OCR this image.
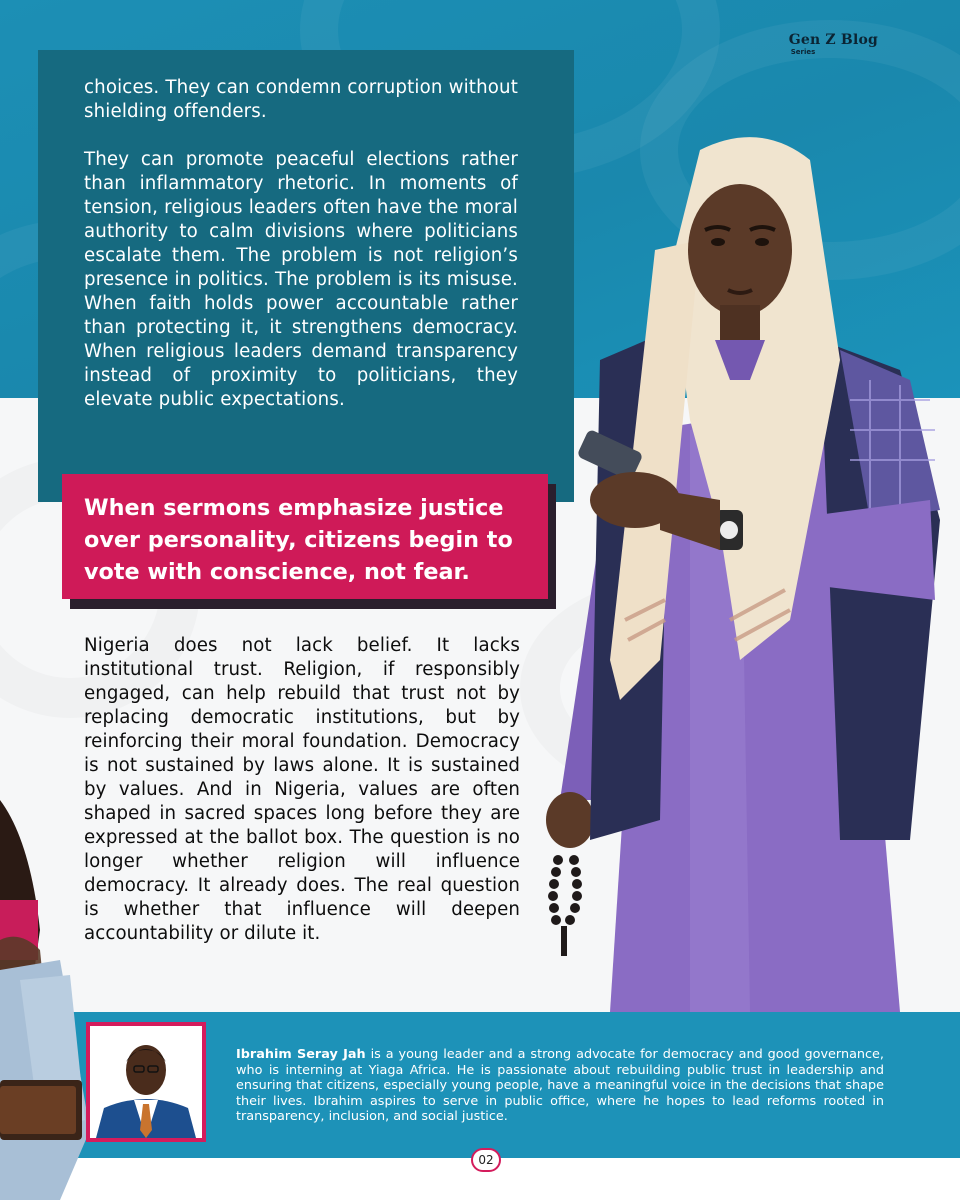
Gen Z Blog
Series

choices. They can condemn corruption without shielding offenders.

They can promote peaceful elections rather than inflammatory rhetoric. In moments of tension, religious leaders often have the moral authority to calm divisions where politicians escalate them. The problem is not religion’s presence in politics. The problem is its misuse. When faith holds power accountable rather than protecting it, it strengthens democracy. When religious leaders demand transparency instead of proximity to politicians, they elevate public expectations.

When sermons emphasize justice over personality, citizens begin to vote with conscience, not fear.

Nigeria does not lack belief. It lacks institutional trust. Religion, if responsibly engaged, can help rebuild that trust not by replacing democratic institutions, but by reinforcing their moral foundation. Democracy is not sustained by laws alone. It is sustained by values. And in Nigeria, values are often shaped in sacred spaces long before they are expressed at the ballot box. The question is no longer whether religion will influence democracy. It already does. The real question is whether that influence will deepen accountability or dilute it.

Ibrahim Seray Jah is a young leader and a strong advocate for democracy and good governance, who is interning at Yiaga Africa. He is passionate about rebuilding public trust in leadership and ensuring that citizens, especially young people, have a meaningful voice in the decisions that shape their lives. Ibrahim aspires to serve in public office, where he hopes to lead reforms rooted in transparency, inclusion, and social justice.
02
